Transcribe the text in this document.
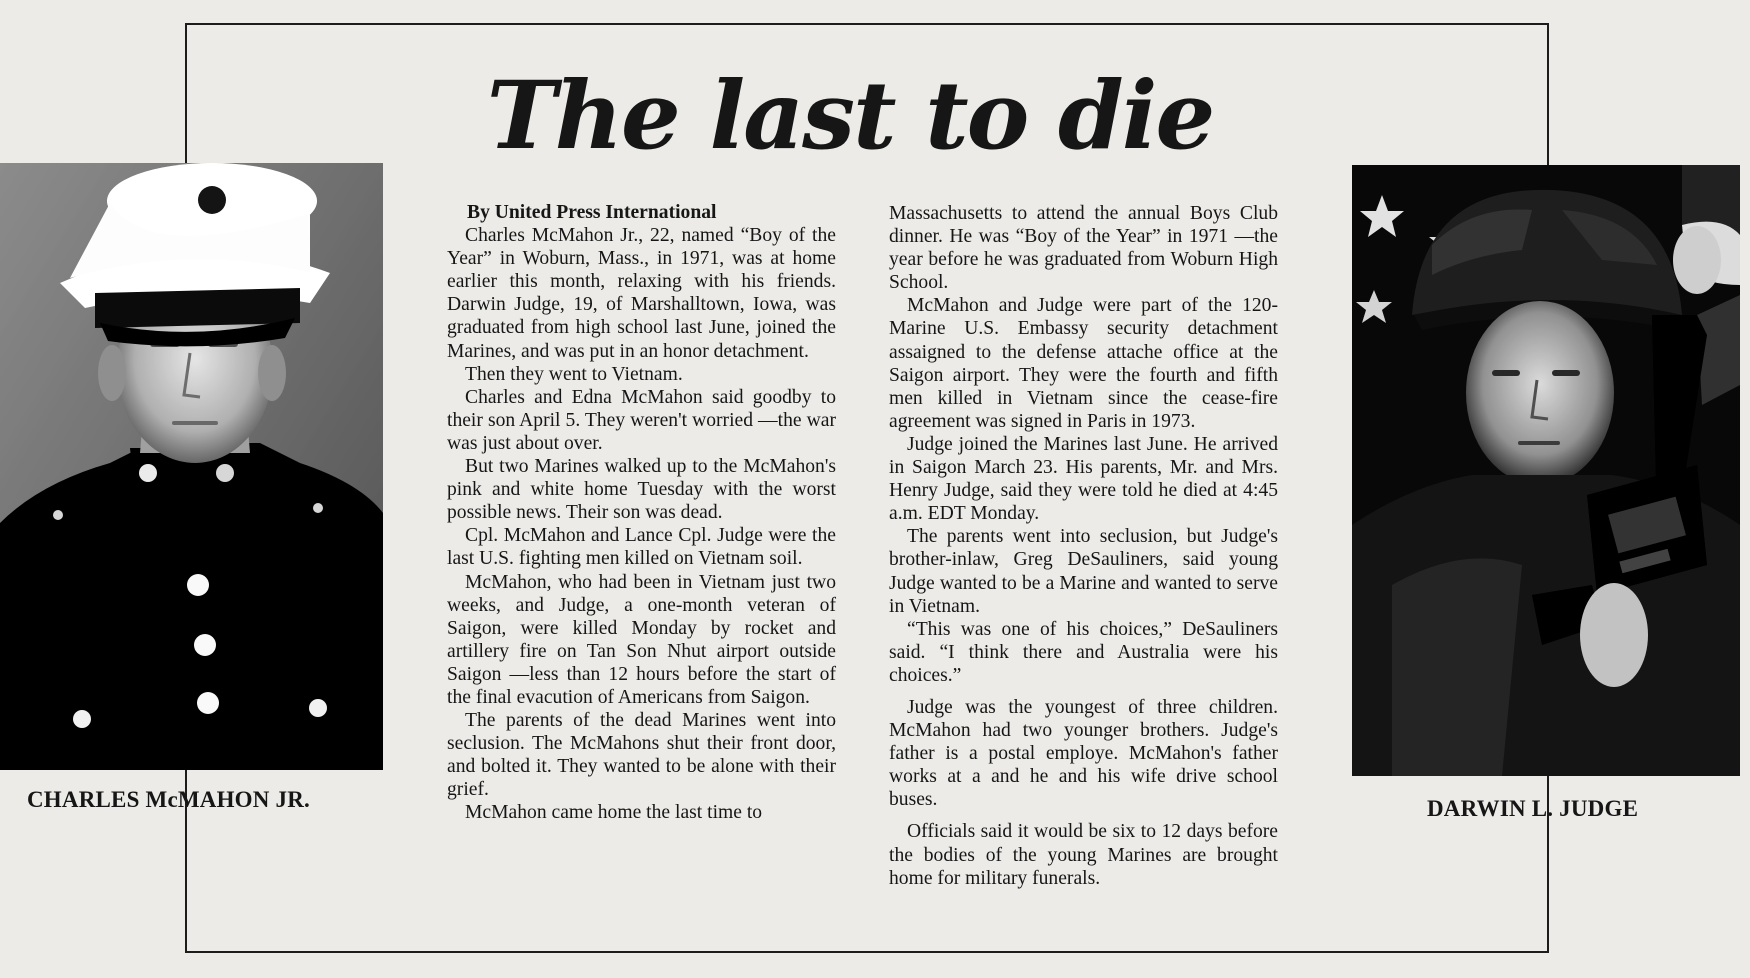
The last to die

CHARLES McMAHON JR.	DARWIN L. JUDGE

By United Press International

Charles McMahon Jr., 22, named “Boy of the Year” in Woburn, Mass., in 1971, was at home earlier this month, relaxing with his friends. Darwin Judge, 19, of Marshalltown, Iowa, was graduated from high school last June, joined the Marines, and was put in an honor detachment.

Then they went to Vietnam.

Charles and Edna McMahon said goodby to their son April 5. They weren't worried —the war was just about over.

But two Marines walked up to the McMahon's pink and white home Tuesday with the worst possible news. Their son was dead.

Cpl. McMahon and Lance Cpl. Judge were the last U.S. fighting men killed on Vietnam soil.

McMahon, who had been in Vietnam just two weeks, and Judge, a one-month veteran of Saigon, were killed Monday by rocket and artillery fire on Tan Son Nhut airport outside Saigon —less than 12 hours before the start of the final evacution of Americans from Saigon.

The parents of the dead Marines went into seclusion. The McMahons shut their front door, and bolted it. They wanted to be alone with their grief.

McMahon came home the last time to

Massachusetts to attend the annual Boys Club dinner. He was “Boy of the Year” in 1971 —the year before he was graduated from Woburn High School.

McMahon and Judge were part of the 120-Marine U.S. Embassy security detachment assaigned to the defense attache office at the Saigon airport. They were the fourth and fifth men killed in Vietnam since the cease-fire agreement was signed in Paris in 1973.

Judge joined the Marines last June. He arrived in Saigon March 23. His parents, Mr. and Mrs. Henry Judge, said they were told he died at 4:45 a.m. EDT Monday.

The parents went into seclusion, but Judge's brother-inlaw, Greg DeSauliners, said young Judge wanted to be a Marine and wanted to serve in Vietnam.

“This was one of his choices,” DeSauliners said. “I think there and Australia were his choices.”

Judge was the youngest of three children. McMahon had two younger brothers. Judge's father is a postal employe. McMahon's father works at a and he and his wife drive school buses.

Officials said it would be six to 12 days before the bodies of the young Marines are brought home for military funerals.
